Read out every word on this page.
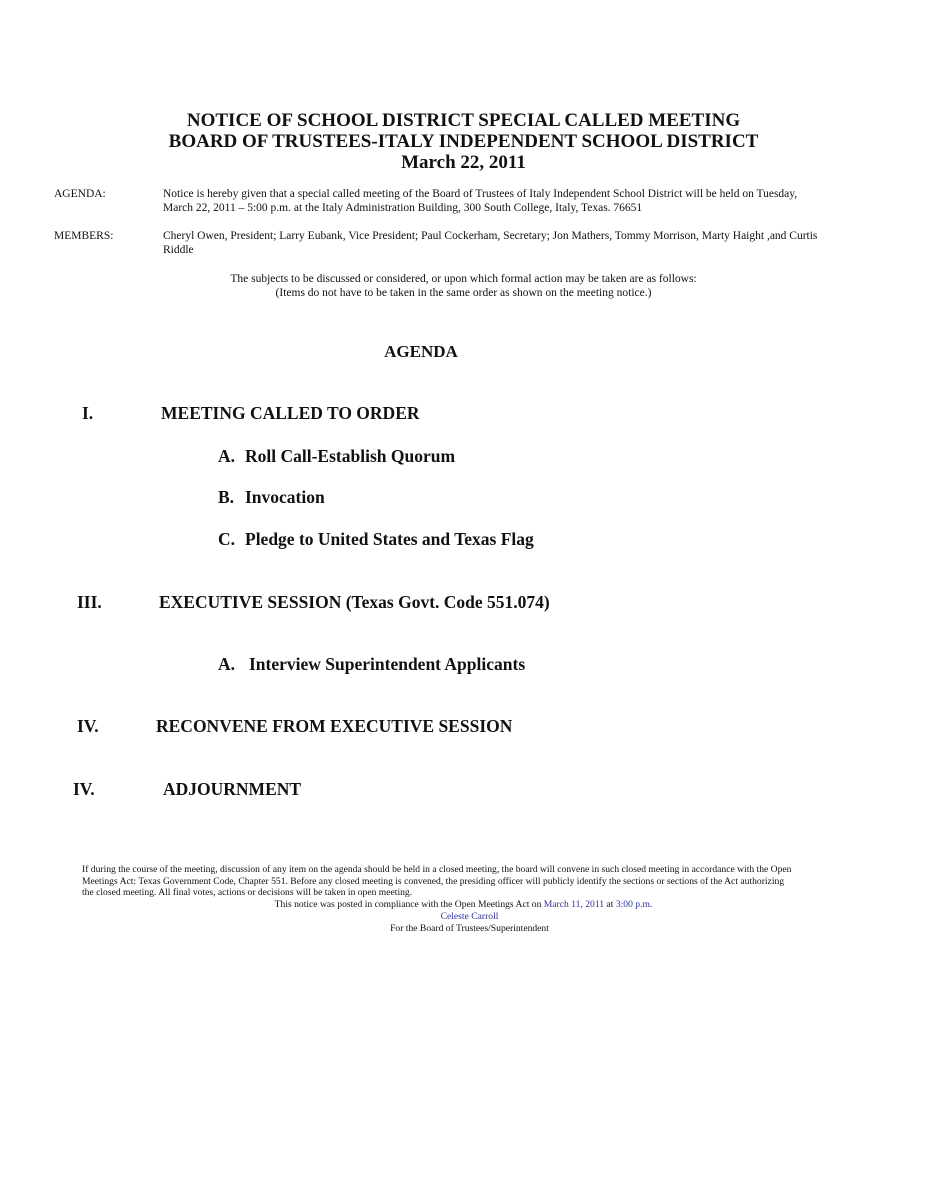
NOTICE OF SCHOOL DISTRICT SPECIAL CALLED MEETING
BOARD OF TRUSTEES-ITALY INDEPENDENT SCHOOL DISTRICT
March 22, 2011
AGENDA:	Notice is hereby given that a special called meeting of the Board of Trustees of Italy Independent School District will be held on Tuesday,
March 22, 2011 – 5:00 p.m. at the Italy Administration Building, 300 South College, Italy, Texas. 76651
MEMBERS:	Cheryl Owen, President; Larry Eubank, Vice President; Paul Cockerham, Secretary; Jon Mathers, Tommy Morrison, Marty Haight ,and Curtis
Riddle
The subjects to be discussed or considered, or upon which formal action may be taken are as follows:
(Items do not have to be taken in the same order as shown on the meeting notice.)
AGENDA
I.	MEETING CALLED TO ORDER
A. Roll Call-Establish Quorum
B. Invocation
C. Pledge to United States and Texas Flag
III.	EXECUTIVE SESSION (Texas Govt. Code 551.074)
A. Interview Superintendent Applicants
IV.	RECONVENE FROM EXECUTIVE SESSION
IV.	ADJOURNMENT
If during the course of the meeting, discussion of any item on the agenda should be held in a closed meeting, the board will convene in such closed meeting in accordance with the Open
Meetings Act: Texas Government Code, Chapter 551. Before any closed meeting is convened, the presiding officer will publicly identify the sections or sections of the Act authorizing
the closed meeting. All final votes, actions or decisions will be taken in open meeting.
This notice was posted in compliance with the Open Meetings Act on March 11, 2011 at 3:00 p.m.
Celeste Carroll
For the Board of Trustees/Superintendent
